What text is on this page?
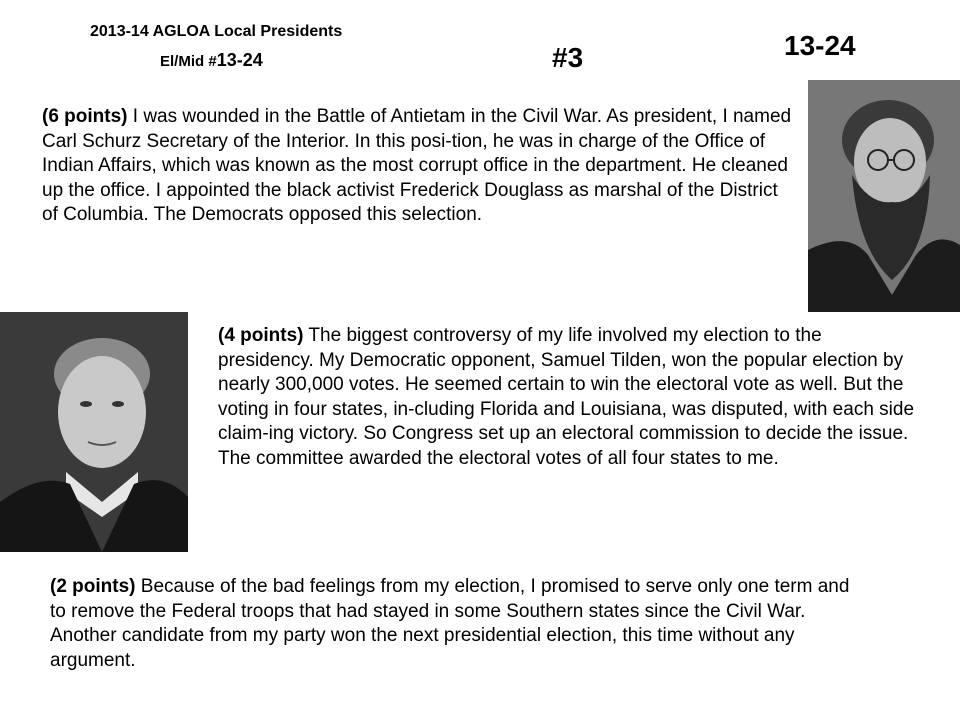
2013-14 AGLOA Local Presidents
El/Mid #13-24	#3	13-24
(6 points) I was wounded in the Battle of Antietam in the Civil War. As president, I named Carl Schurz Secretary of the Interior. In this posi-tion, he was in charge of the Office of Indian Affairs, which was known as the most corrupt office in the department. He cleaned up the office. I appointed the black activist Frederick Douglass as marshal of the District of Columbia. The Democrats opposed this selection.
(4 points) The biggest controversy of my life involved my election to the presidency. My Democratic opponent, Samuel Tilden, won the popular election by nearly 300,000 votes. He seemed certain to win the electoral vote as well. But the voting in four states, in-cluding Florida and Louisiana, was disputed, with each side claim-ing victory. So Congress set up an electoral commission to decide the issue. The committee awarded the electoral votes of all four states to me.
(2 points) Because of the bad feelings from my election, I promised to serve only one term and to remove the Federal troops that had stayed in some Southern states since the Civil War. Another candidate from my party won the next presidential election, this time without any argument.
